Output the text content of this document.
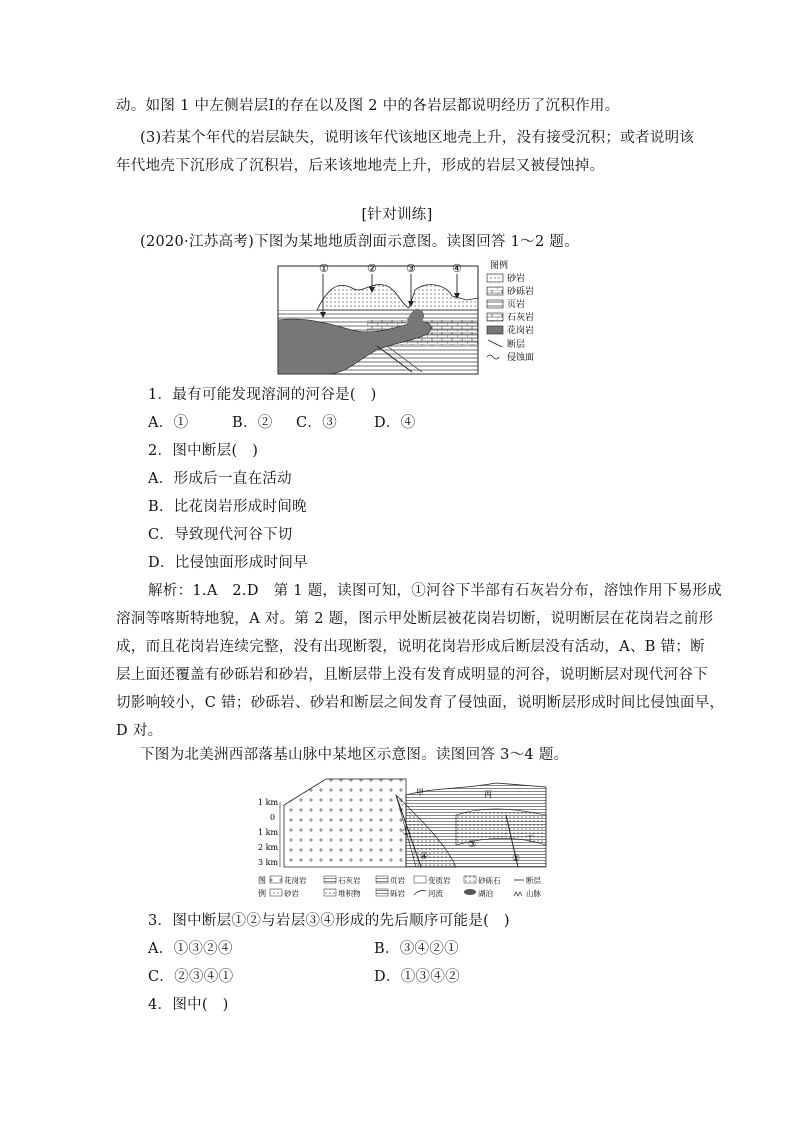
动。如图 1 中左侧岩层Ⅰ的存在以及图 2 中的各岩层都说明经历了沉积作用。
(3)若某个年代的岩层缺失，说明该年代该地区地壳上升，没有接受沉积；或者说明该
年代地壳下沉形成了沉积岩，后来该地地壳上升，形成的岩层又被侵蚀掉。
[针对训练]
(2020·江苏高考)下图为某地地质剖面示意图。读图回答 1～2 题。
①	②	③	④	图例
砂岩
砂砾岩
页岩
石灰岩
花岗岩
断层
侵蚀面
1．最有可能发现溶洞的河谷是(　)
A．①	B．② C．③	D．④
2．图中断层(　)
A．形成后一直在活动
B．比花岗岩形成时间晚
C．导致现代河谷下切
D．比侵蚀面形成时间早
解析：1.A　2.D　第 1 题，读图可知，①河谷下半部有石灰岩分布，溶蚀作用下易形成
溶洞等喀斯特地貌，A 对。第 2 题，图示甲处断层被花岗岩切断，说明断层在花岗岩之前形
成，而且花岗岩连续完整，没有出现断裂，说明花岗岩形成后断层没有活动，A、B 错；断
层上面还覆盖有砂砾岩和砂岩，且断层带上没有发育成明显的河谷，说明断层对现代河谷下
切影响较小，C 错；砂砾岩、砂岩和断层之间发育了侵蚀面，说明断层形成时间比侵蚀面早，
D 对。
下图为北美洲西部落基山脉中某地区示意图。读图回答 3～4 题。
1 km
0
1 km
2 km
3 km
甲	丙
丁
①
②
③
④
图
例
花岗岩	石灰岩	页岩	变质岩	砂砾石	断层
砂岩	堆积物	砾岩	河流	湖泊	山脉
3．图中断层①②与岩层③④形成的先后顺序可能是(　)
A．①③②④	B．③④②①
C．②③④①	D．①③④②
4．图中(　)
